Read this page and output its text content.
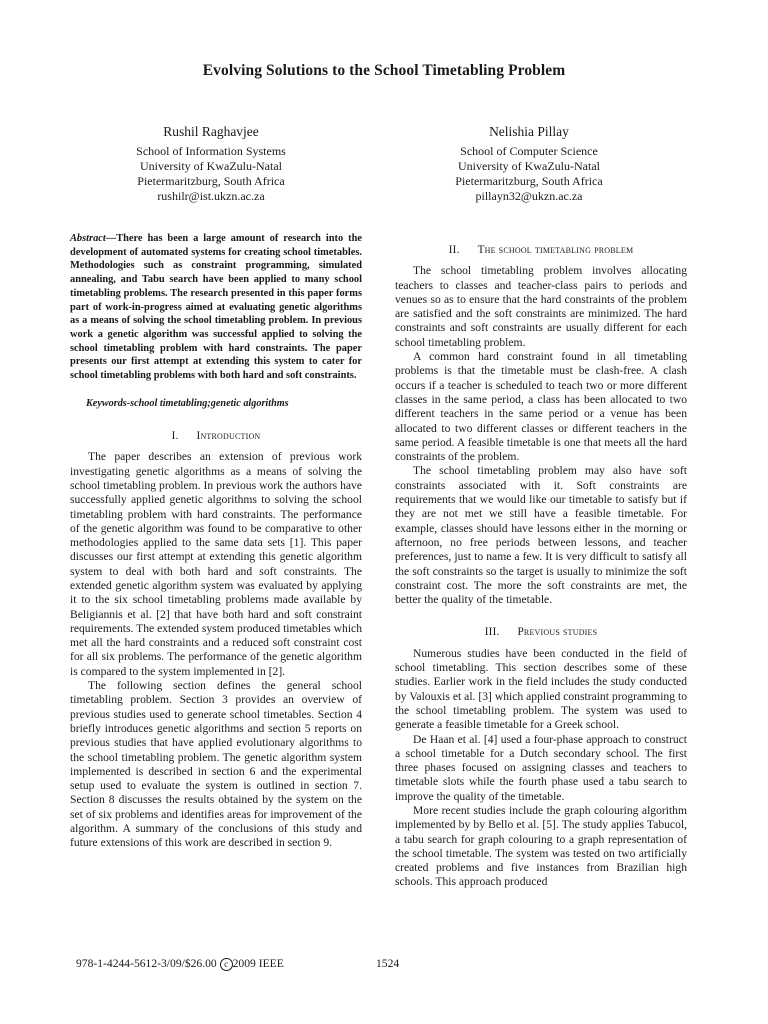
Evolving Solutions to the School Timetabling Problem
Rushil Raghavjee
School of Information Systems
University of KwaZulu-Natal
Pietermaritzburg, South Africa
rushilr@ist.ukzn.ac.za
Nelishia Pillay
School of Computer Science
University of KwaZulu-Natal
Pietermaritzburg, South Africa
pillayn32@ukzn.ac.za

Abstract—There has been a large amount of research into the development of automated systems for creating school timetables. Methodologies such as constraint programming, simulated annealing, and Tabu search have been applied to many school timetabling problems. The research presented in this paper forms part of work-in-progress aimed at evaluating genetic algorithms as a means of solving the school timetabling problem. In previous work a genetic algorithm was successful applied to solving the school timetabling problem with hard constraints. The paper presents our first attempt at extending this system to cater for school timetabling problems with both hard and soft constraints.

Keywords-school timetabling;genetic algorithms
I. Introduction

The paper describes an extension of previous work investigating genetic algorithms as a means of solving the school timetabling problem. In previous work the authors have successfully applied genetic algorithms to solving the school timetabling problem with hard constraints. The performance of the genetic algorithm was found to be comparative to other methodologies applied to the same data sets [1]. This paper discusses our first attempt at extending this genetic algorithm system to deal with both hard and soft constraints. The extended genetic algorithm system was evaluated by applying it to the six school timetabling problems made available by Beligiannis et al. [2] that have both hard and soft constraint requirements. The extended system produced timetables which met all the hard constraints and a reduced soft constraint cost for all six problems. The performance of the genetic algorithm is compared to the system implemented in [2].

The following section defines the general school timetabling problem. Section 3 provides an overview of previous studies used to generate school timetables. Section 4 briefly introduces genetic algorithms and section 5 reports on previous studies that have applied evolutionary algorithms to the school timetabling problem. The genetic algorithm system implemented is described in section 6 and the experimental setup used to evaluate the system is outlined in section 7. Section 8 discusses the results obtained by the system on the set of six problems and identifies areas for improvement of the algorithm. A summary of the conclusions of this study and future extensions of this work are described in section 9.

II. The school timetabling problem

The school timetabling problem involves allocating teachers to classes and teacher-class pairs to periods and venues so as to ensure that the hard constraints of the problem are satisfied and the soft constraints are minimized. The hard constraints and soft constraints are usually different for each school timetabling problem.

A common hard constraint found in all timetabling problems is that the timetable must be clash-free. A clash occurs if a teacher is scheduled to teach two or more different classes in the same period, a class has been allocated to two different teachers in the same period or a venue has been allocated to two different classes or different teachers in the same period. A feasible timetable is one that meets all the hard constraints of the problem.

The school timetabling problem may also have soft constraints associated with it. Soft constraints are requirements that we would like our timetable to satisfy but if they are not met we still have a feasible timetable. For example, classes should have lessons either in the morning or afternoon, no free periods between lessons, and teacher preferences, just to name a few. It is very difficult to satisfy all the soft constraints so the target is usually to minimize the soft constraint cost. The more the soft constraints are met, the better the quality of the timetable.

III. Previous studies

Numerous studies have been conducted in the field of school timetabling. This section describes some of these studies. Earlier work in the field includes the study conducted by Valouxis et al. [3] which applied constraint programming to the school timetabling problem. The system was used to generate a feasible timetable for a Greek school.

De Haan et al. [4] used a four-phase approach to construct a school timetable for a Dutch secondary school. The first three phases focused on assigning classes and teachers to timetable slots while the fourth phase used a tabu search to improve the quality of the timetable.

More recent studies include the graph colouring algorithm implemented by by Bello et al. [5]. The study applies Tabucol, a tabu search for graph colouring to a graph representation of the school timetable. The system was tested on two artificially created problems and five instances from Brazilian high schools. This approach produced

978-1-4244-5612-3/09/$26.00 c 2009 IEEE	1524
